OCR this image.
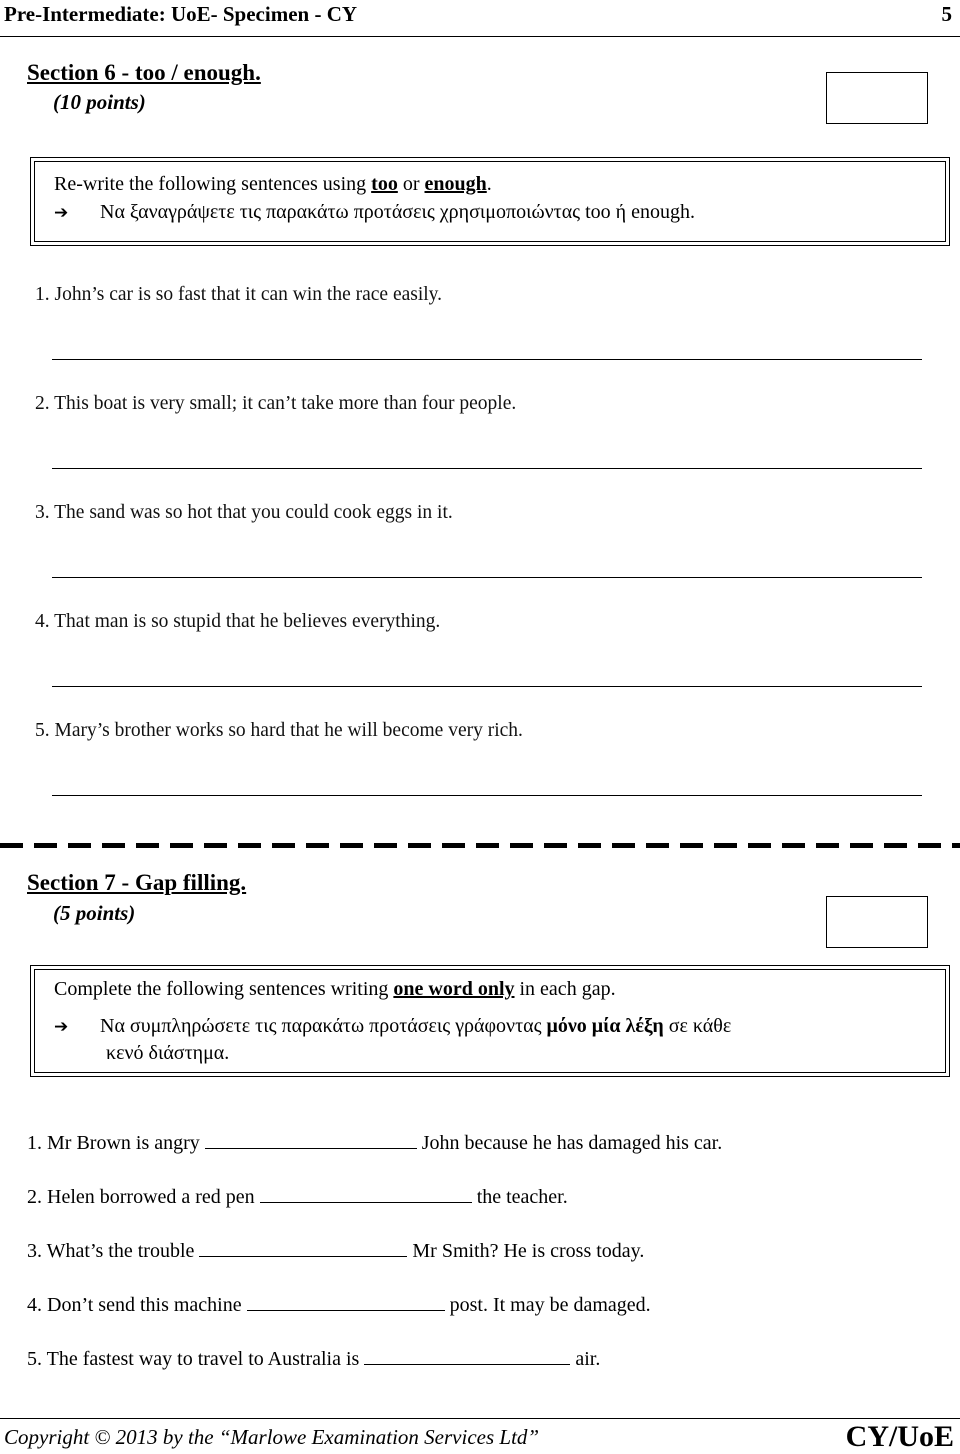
Pre-Intermediate: UoE- Specimen - CY	5
Section 6 - too / enough.
(10 points)
Re-write the following sentences using too or enough.
➔ Να ξαναγράψετε τις παρακάτω προτάσεις χρησιμοποιώντας too ή enough.
1. John’s car is so fast that it can win the race easily.
2. This boat is very small; it can’t take more than four people.
3. The sand was so hot that you could cook eggs in it.
4. That man is so stupid that he believes everything.
5. Mary’s brother works so hard that he will become very rich.
Section 7 - Gap filling.
(5 points)
Complete the following sentences writing one word only in each gap.
➔ Να συμπληρώσετε τις παρακάτω προτάσεις γράφοντας μόνο μία λέξη σε κάθε
κενό διάστημα.
1. Mr Brown is angry	John because he has damaged his car.
2. Helen borrowed a red pen	the teacher.
3. What’s the trouble	Mr Smith? He is cross today.
4. Don’t send this machine	post. It may be damaged.
5. The fastest way to travel to Australia is	air.
Copyright © 2013 by the “Marlowe Examination Services Ltd”	CY/UoE
